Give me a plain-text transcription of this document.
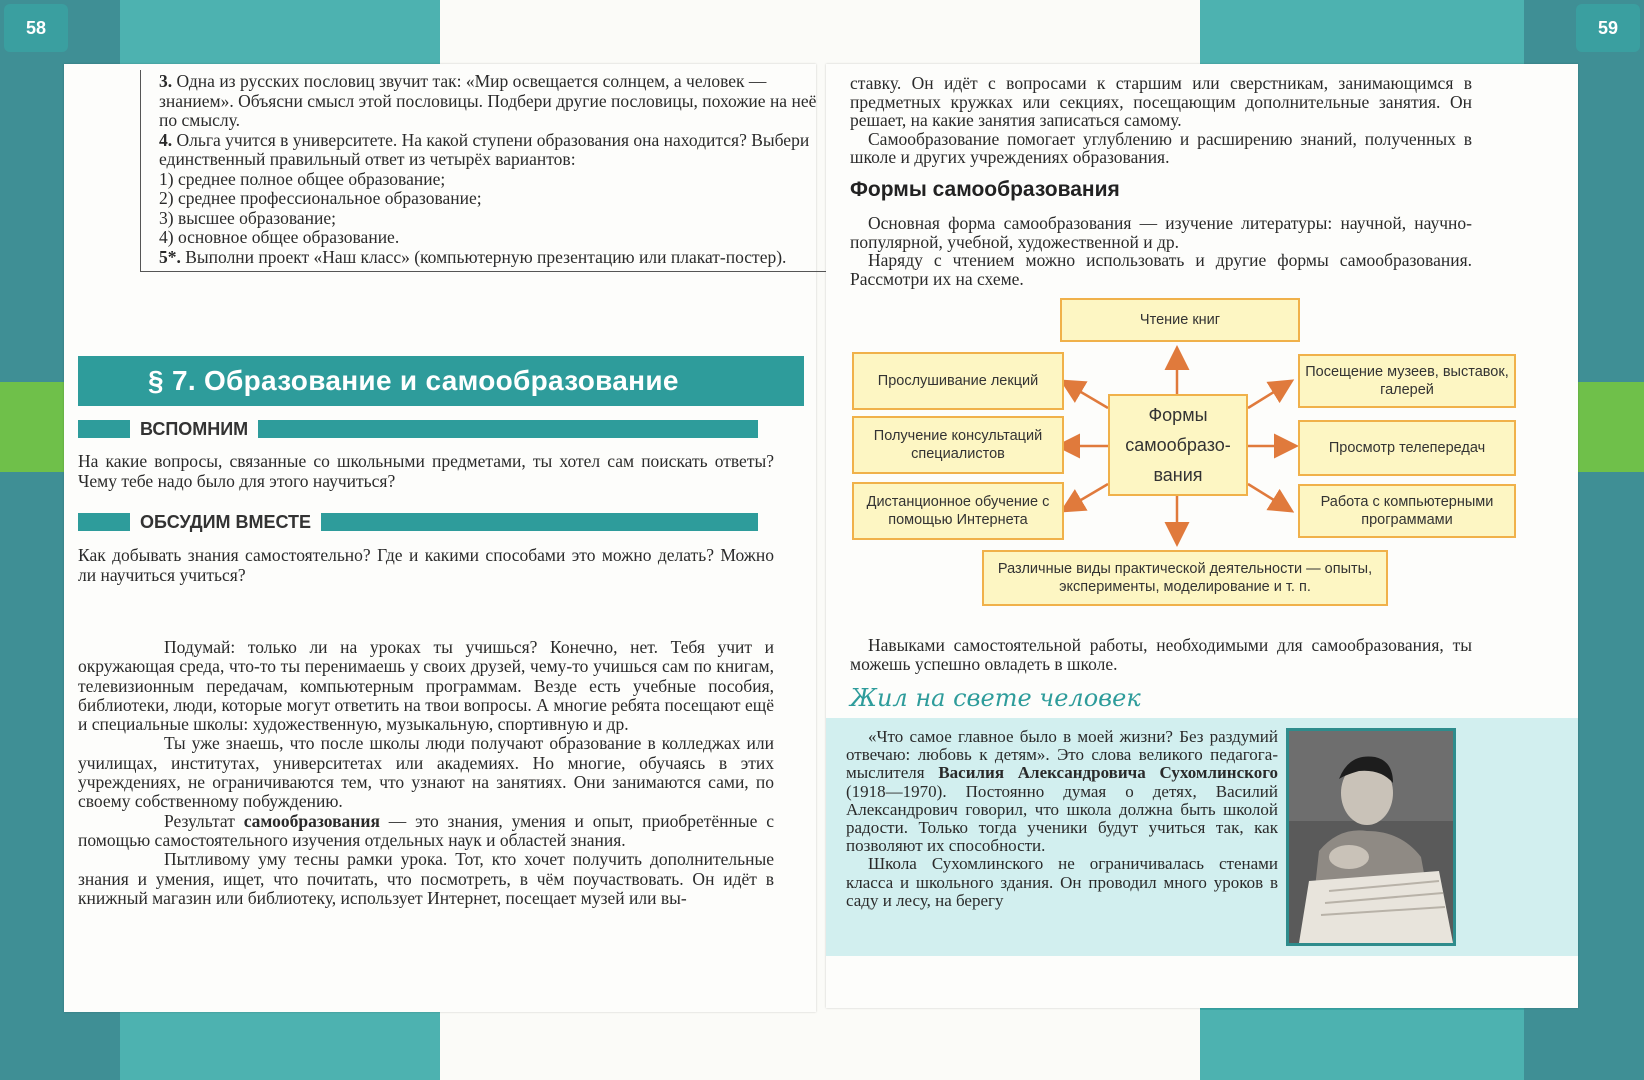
58	59

3. Одна из русских пословиц звучит так: «Мир освещается солнцем, а человек — знанием». Объясни смысл этой пословицы. Подбери другие пословицы, похожие на неё по смыслу.

4. Ольга учится в университете. На какой ступени образования она находится? Выбери единственный правильный ответ из четырёх вариантов:

1) среднее полное общее образование;

2) среднее профессиональное образование;

3) высшее образование;

4) основное общее образование.

5*. Выполни проект «Наш класс» (компьютерную презентацию или плакат-постер).

§ 7. Образование и самообразование
ВСПОМНИМ

На какие вопросы, связанные со школьными предметами, ты хотел сам поискать ответы? Чему тебе надо было для этого научиться?

ОБСУДИМ ВМЕСТЕ

Как добывать знания самостоятельно? Где и какими способами это можно делать? Можно ли научиться учиться?

Подумай: только ли на уроках ты учишься? Конечно, нет. Тебя учит и окружающая среда, что-то ты перенимаешь у своих друзей, чему-то учишься сам по книгам, телевизионным передачам, компьютерным программам. Везде есть учебные пособия, библиотеки, люди, которые могут ответить на твои вопросы. А многие ребята посещают ещё и специальные школы: художественную, музыкальную, спортивную и др.

Ты уже знаешь, что после школы люди получают образование в колледжах или училищах, институтах, университетах или академиях. Но многие, обучаясь в этих учреждениях, не ограничиваются тем, что узнают на занятиях. Они занимаются сами, по своему собственному побуждению.

Результат самообразования — это знания, умения и опыт, приобретённые с помощью самостоятельного изучения отдельных наук и областей знания.

Пытливому уму тесны рамки урока. Тот, кто хочет получить дополнительные знания и умения, ищет, что почитать, что посмотреть, в чём поучаствовать. Он идёт в книжный магазин или библиотеку, использует Интернет, посещает музей или вы-

ставку. Он идёт с вопросами к старшим или сверстникам, занимающимся в предметных кружках или секциях, посещающим дополнительные занятия. Он решает, на какие занятия записаться самому.

Самообразование помогает углублению и расширению знаний, полученных в школе и других учреждениях образования.

Формы самообразования

Основная форма самообразования — изучение литературы: научной, научно-популярной, учебной, художественной и др.

Наряду с чтением можно использовать и другие формы самообразования. Рассмотри их на схеме.

Формы
самообразо-
вания
Чтение книг
Прослушивание лекций
Получение консультаций специалистов
Дистанционное обучение с помощью Интернета
Посещение музеев, выставок, галерей
Просмотр телепередач
Работа с компьютерными программами
Различные виды практической деятельности — опыты, эксперименты, моделирование и т. п.

Навыками самостоятельной работы, необходимыми для самообразования, ты можешь успешно овладеть в школе.

Жил на свете человек

«Что самое главное было в моей жизни? Без раздумий отвечаю: любовь к детям». Это слова великого педагога-мыслителя Василия Александровича Сухомлинского (1918—1970). Постоянно думая о детях, Василий Александрович говорил, что школа должна быть школой радости. Только тогда ученики будут учиться так, как позволяют их способности.

Школа Сухомлинского не ограничивалась стенами класса и школьного здания. Он проводил много уроков в саду и лесу, на берегу
